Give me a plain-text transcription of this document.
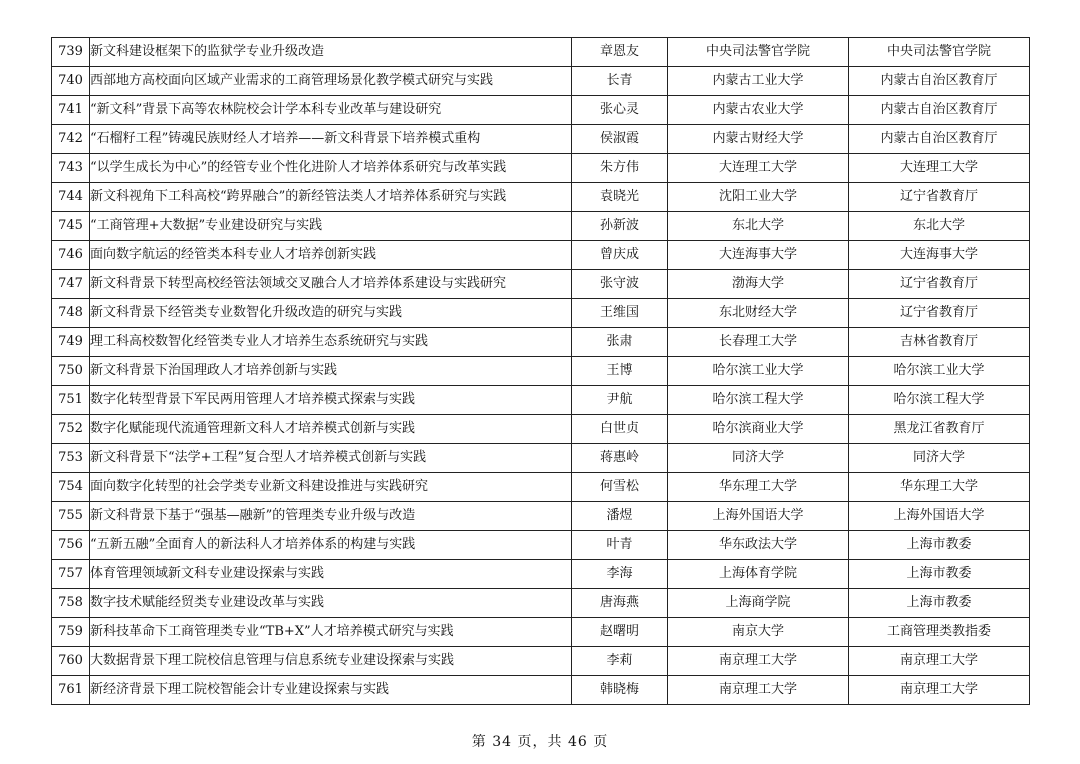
739	新文科建设框架下的监狱学专业升级改造	章恩友	中央司法警官学院	中央司法警官学院
740	西部地方高校面向区域产业需求的工商管理场景化教学模式研究与实践	长青	内蒙古工业大学	内蒙古自治区教育厅
741	“新文科”背景下高等农林院校会计学本科专业改革与建设研究	张心灵	内蒙古农业大学	内蒙古自治区教育厅
742	“石榴籽工程”铸魂民族财经人才培养——新文科背景下培养模式重构	侯淑霞	内蒙古财经大学	内蒙古自治区教育厅
743	“以学生成长为中心”的经管专业个性化进阶人才培养体系研究与改革实践	朱方伟	大连理工大学	大连理工大学
744	新文科视角下工科高校“跨界融合”的新经管法类人才培养体系研究与实践	袁晓光	沈阳工业大学	辽宁省教育厅
745	“工商管理+大数据”专业建设研究与实践	孙新波	东北大学	东北大学
746	面向数字航运的经管类本科专业人才培养创新实践	曾庆成	大连海事大学	大连海事大学
747	新文科背景下转型高校经管法领域交叉融合人才培养体系建设与实践研究	张守波	渤海大学	辽宁省教育厅
748	新文科背景下经管类专业数智化升级改造的研究与实践	王维国	东北财经大学	辽宁省教育厅
749	理工科高校数智化经管类专业人才培养生态系统研究与实践	张肃	长春理工大学	吉林省教育厅
750	新文科背景下治国理政人才培养创新与实践	王博	哈尔滨工业大学	哈尔滨工业大学
751	数字化转型背景下军民两用管理人才培养模式探索与实践	尹航	哈尔滨工程大学	哈尔滨工程大学
752	数字化赋能现代流通管理新文科人才培养模式创新与实践	白世贞	哈尔滨商业大学	黑龙江省教育厅
753	新文科背景下“法学+工程”复合型人才培养模式创新与实践	蒋惠岭	同济大学	同济大学
754	面向数字化转型的社会学类专业新文科建设推进与实践研究	何雪松	华东理工大学	华东理工大学
755	新文科背景下基于“强基—融新”的管理类专业升级与改造	潘煜	上海外国语大学	上海外国语大学
756	“五新五融”全面育人的新法科人才培养体系的构建与实践	叶青	华东政法大学	上海市教委
757	体育管理领域新文科专业建设探索与实践	李海	上海体育学院	上海市教委
758	数字技术赋能经贸类专业建设改革与实践	唐海燕	上海商学院	上海市教委
759	新科技革命下工商管理类专业“TB+X”人才培养模式研究与实践	赵曙明	南京大学	工商管理类教指委
760	大数据背景下理工院校信息管理与信息系统专业建设探索与实践	李莉	南京理工大学	南京理工大学
761	新经济背景下理工院校智能会计专业建设探索与实践	韩晓梅	南京理工大学	南京理工大学
第 34 页，共 46 页
